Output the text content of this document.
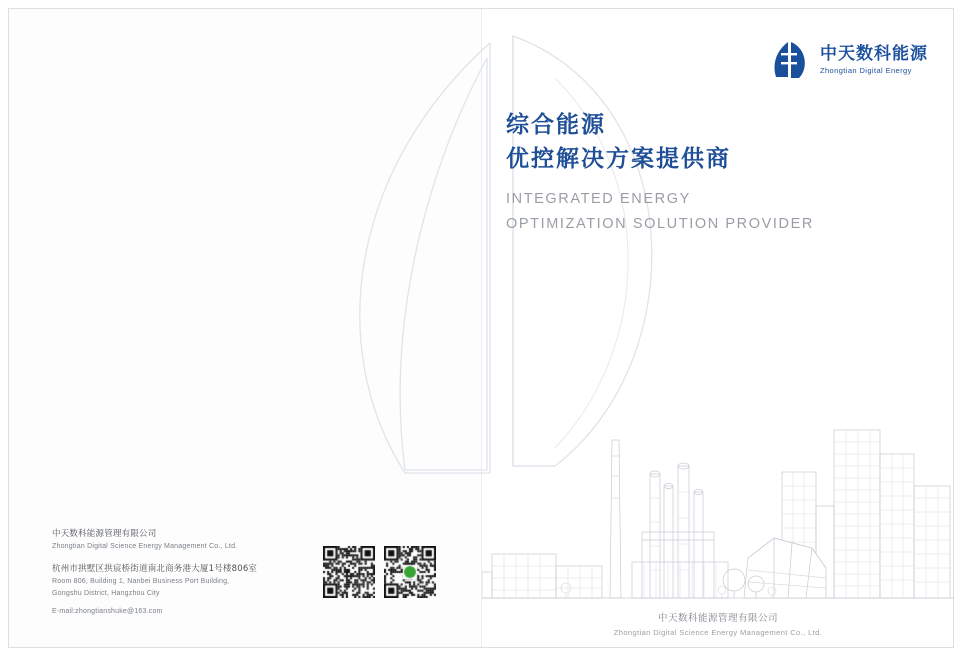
中天数科能源
Zhongtian Digital Energy
综合能源
优控解决方案提供商
INTEGRATED ENERGY
OPTIMIZATION SOLUTION PROVIDER
中天数科能源管理有限公司
Zhongtian Digital Science Energy Management Co., Ltd.
中天数科能源管理有限公司
Zhongtian Digital Science Energy Management Co., Ltd.
杭州市拱墅区拱宸桥街道南北商务港大厦1号楼806室
Room 806, Building 1, Nanbei Business Port Building,
Gongshu District, Hangzhou City
E-mail:zhongtianshuke@163.com
